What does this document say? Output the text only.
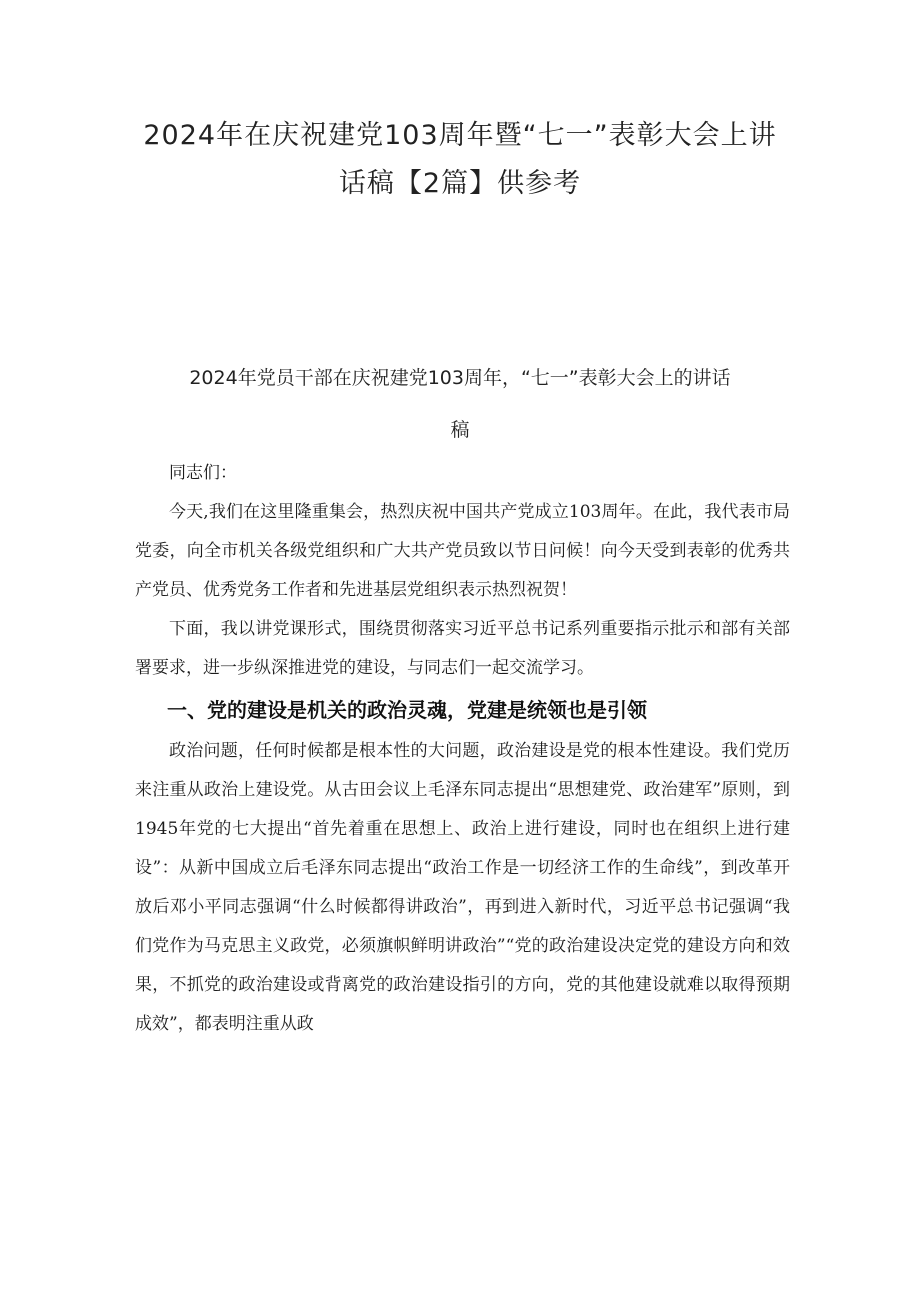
2024年在庆祝建党103周年暨“七一”表彰大会上讲
话稿【2篇】供参考
2024年党员干部在庆祝建党103周年，“七一”表彰大会上的讲话
稿

同志们：

今天,我们在这里隆重集会，热烈庆祝中国共产党成立103周年。在此，我代表市局党委，向全市机关各级党组织和广大共产党员致以节日问候！向今天受到表彰的优秀共产党员、优秀党务工作者和先进基层党组织表示热烈祝贺！

下面，我以讲党课形式，围绕贯彻落实习近平总书记系列重要指示批示和部有关部署要求，进一步纵深推进党的建设，与同志们一起交流学习。

一、党的建设是机关的政治灵魂，党建是统领也是引领

政治问题，任何时候都是根本性的大问题，政治建设是党的根本性建设。我们党历来注重从政治上建设党。从古田会议上毛泽东同志提出“思想建党、政治建军”原则，到1945年党的七大提出“首先着重在思想上、政治上进行建设，同时也在组织上进行建设”：从新中国成立后毛泽东同志提出“政治工作是一切经济工作的生命线”，到改革开放后邓小平同志强调“什么时候都得讲政治”，再到进入新时代，习近平总书记强调“我们党作为马克思主义政党，必须旗帜鲜明讲政治”“党的政治建设决定党的建设方向和效果，不抓党的政治建设或背离党的政治建设指引的方向，党的其他建设就难以取得预期成效”，都表明注重从政
